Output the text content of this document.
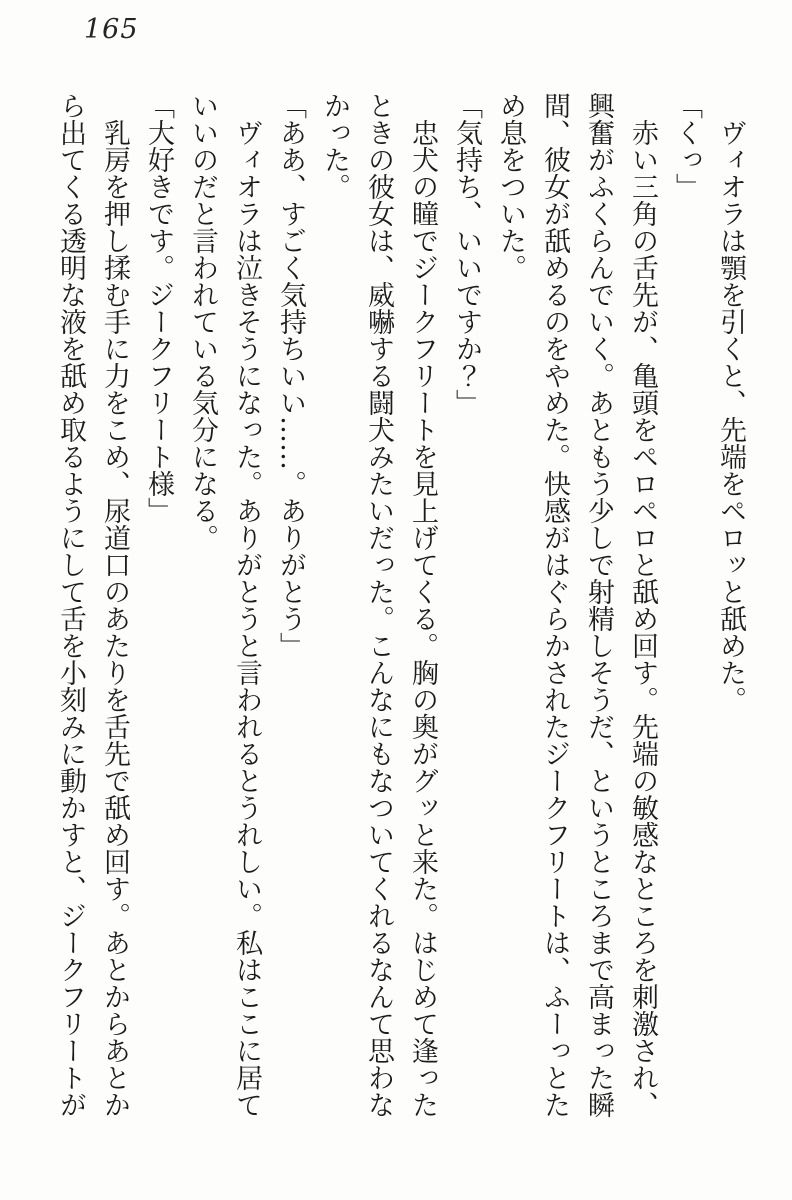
165
ヴィオラは顎を引くと、先端をペロッと舐めた。
「くっ」
赤い三角の舌先が、亀頭をペロペロと舐め回す。先端の敏感なところを刺激され、
興奮がふくらんでいく。あともう少しで射精しそうだ、というところまで高まった瞬
間、彼女が舐めるのをやめた。快感がはぐらかされたジークフリートは、ふーっとた
め息をついた。
「気持ち、いいですか？」
忠犬の瞳でジークフリートを見上げてくる。胸の奥がグッと来た。はじめて逢った
ときの彼女は、威嚇する闘犬みたいだった。こんなにもなついてくれるなんて思わな
かった。
「ああ、すごく気持ちいい……。ありがとう」
ヴィオラは泣きそうになった。ありがとうと言われるとうれしい。私はここに居て
いいのだと言われている気分になる。
「大好きです。ジークフリート様」
乳房を押し揉む手に力をこめ、尿道口のあたりを舌先で舐め回す。あとからあとか
ら出てくる透明な液を舐め取るようにして舌を小刻みに動かすと、ジークフリートが
